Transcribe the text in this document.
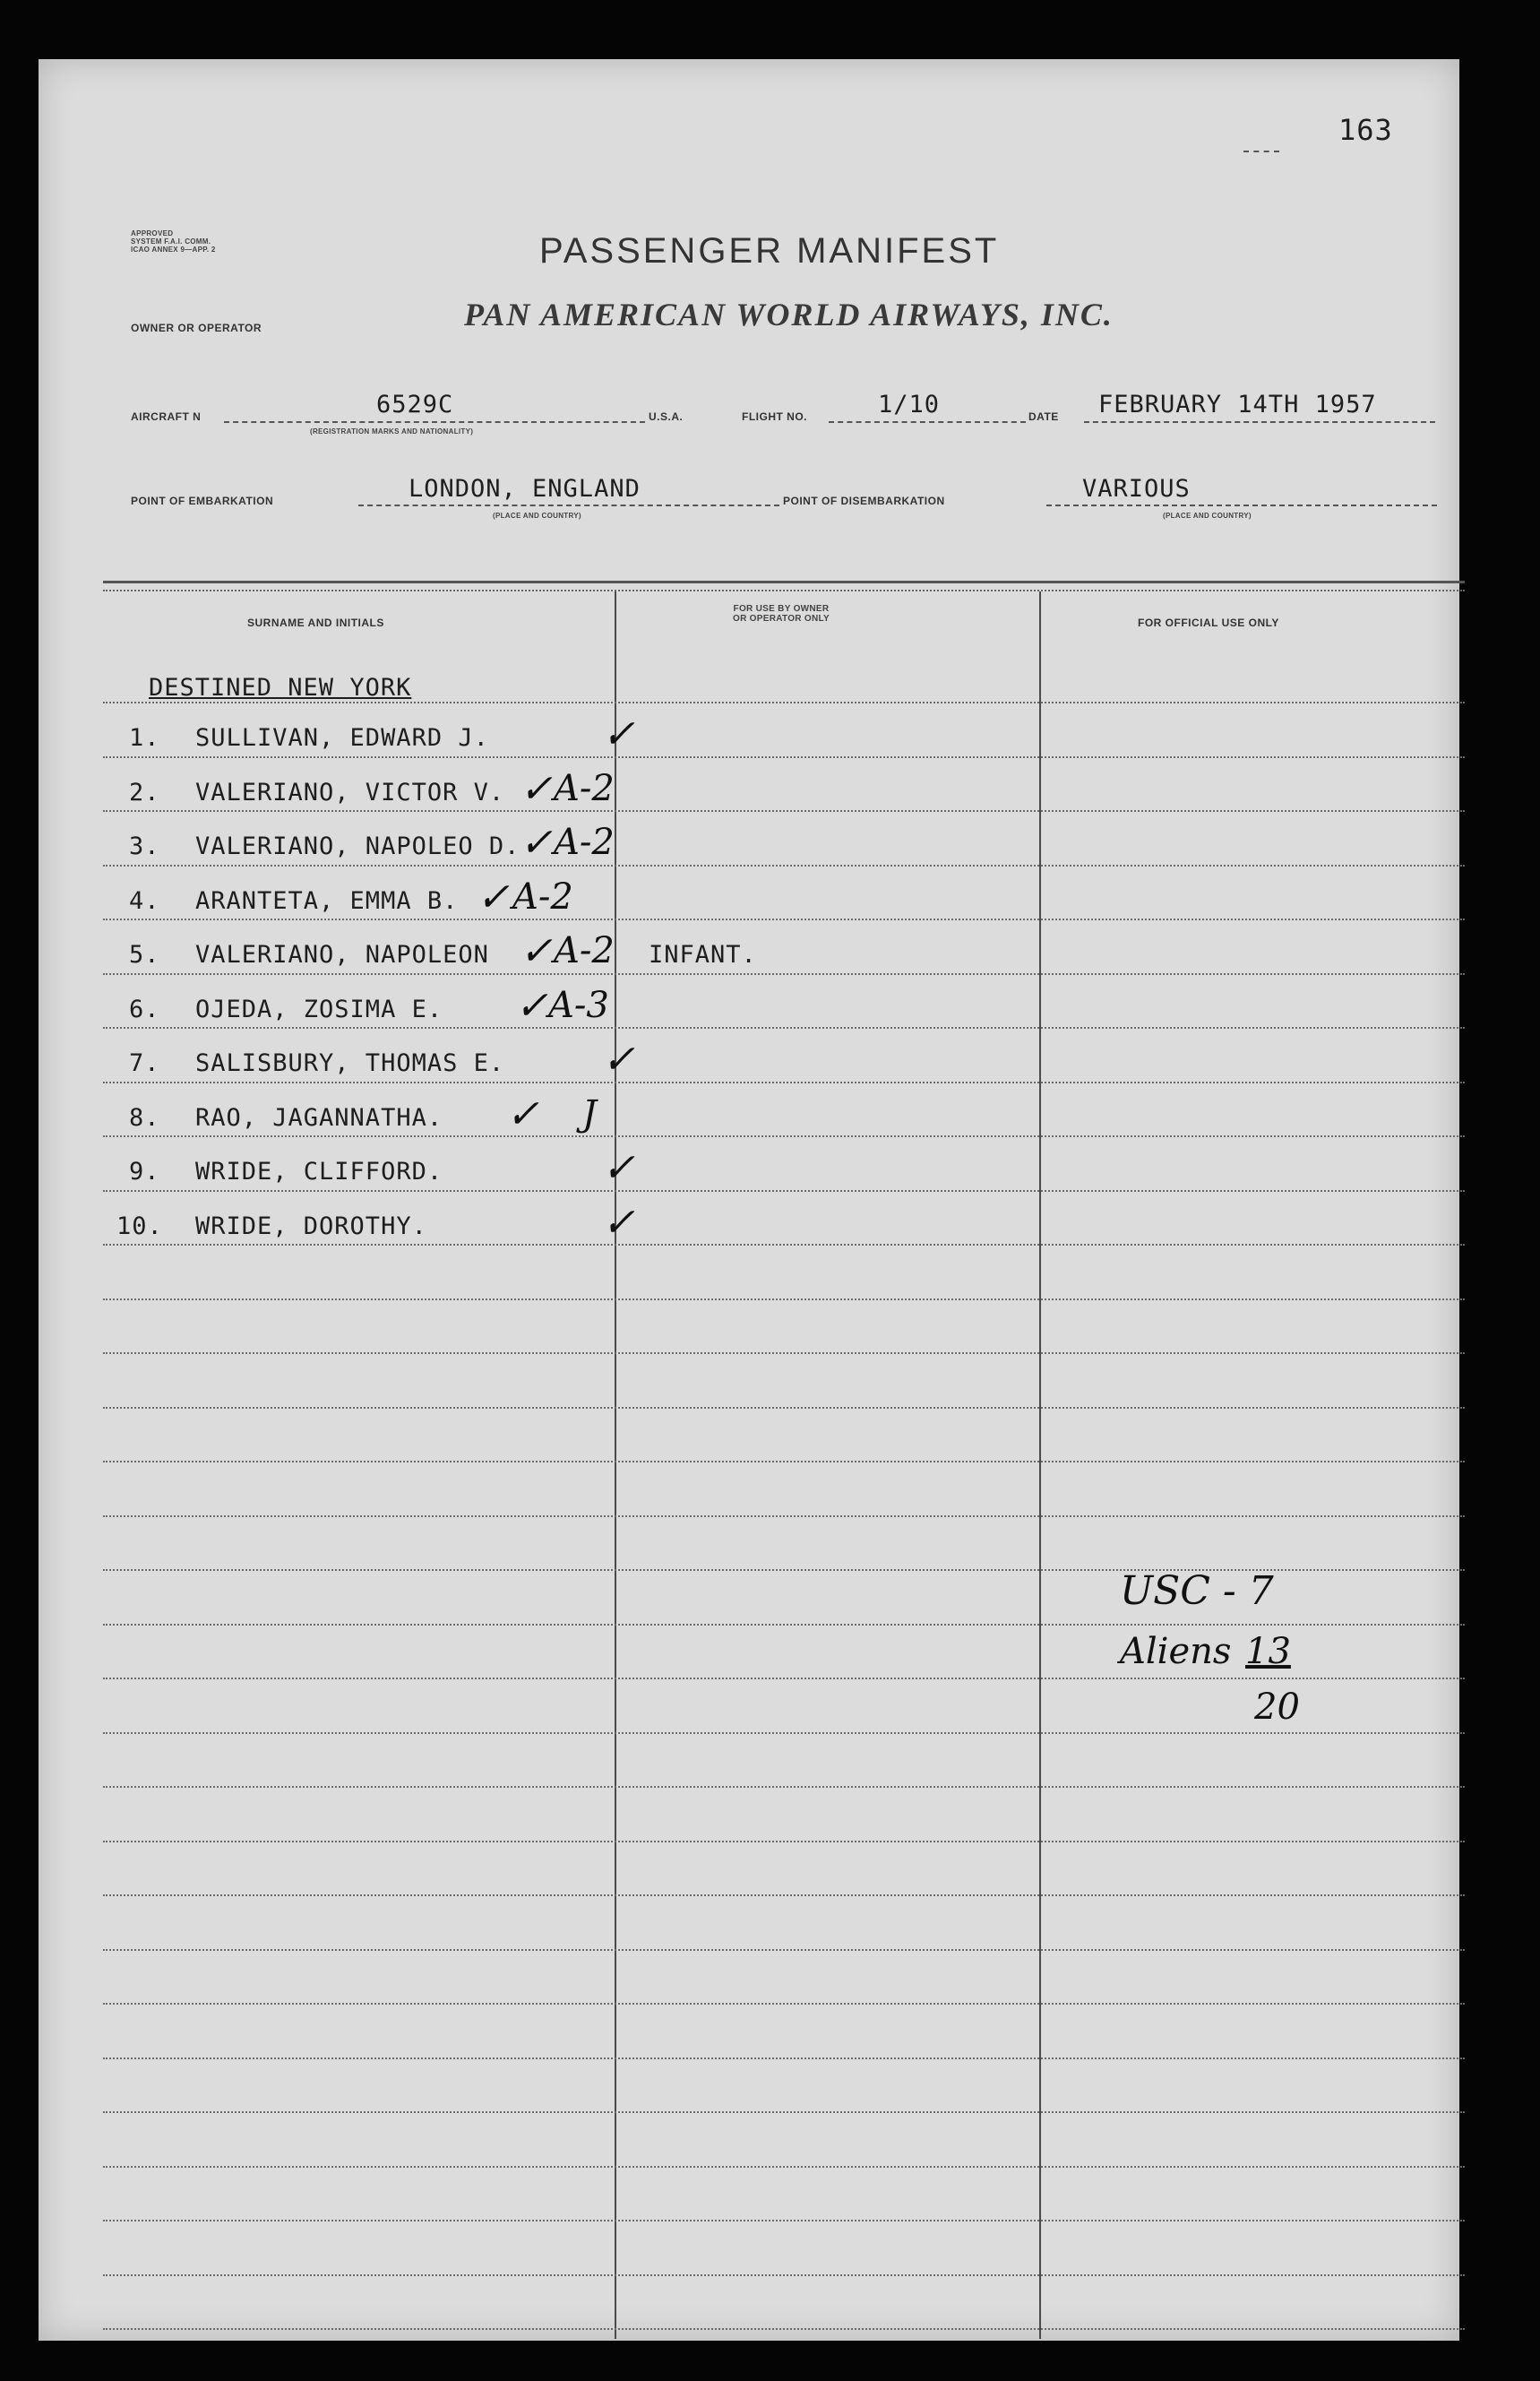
163
APPROVED
SYSTEM F.A.I. COMM.
ICAO ANNEX 9—APP. 2	PASSENGER MANIFEST
OWNER OR OPERATOR	PAN AMERICAN WORLD AIRWAYS, INC.
AIRCRAFT N	6529C
(REGISTRATION MARKS AND NATIONALITY)
U.S.A.	FLIGHT NO.	1/10	DATE FEBRUARY 14TH 1957
POINT OF EMBARKATION	LONDON, ENGLAND
(PLACE AND COUNTRY)
POINT OF DISEMBARKATION	VARIOUS
(PLACE AND COUNTRY)
SURNAME AND INITIALS
FOR USE BY OWNER
OR OPERATOR ONLY	FOR OFFICIAL USE ONLY
DESTINED NEW YORK
1. SULLIVAN, EDWARD J.	✓
2. VALERIANO, VICTOR V. ✓ A-2
3. VALERIANO, NAPOLEO D. ✓ A-2
4. ARANTETA, EMMA B. ✓ A-2
5. VALERIANO, NAPOLEON ✓ A-2 INFANT.
6. OJEDA, ZOSIMA E. ✓ A-3
7. SALISBURY, THOMAS E. ✓
8. RAO, JAGANNATHA. ✓ J
9. WRIDE, CLIFFORD.	✓
10. WRIDE, DOROTHY.	✓
USC - 7
Aliens 13
20
